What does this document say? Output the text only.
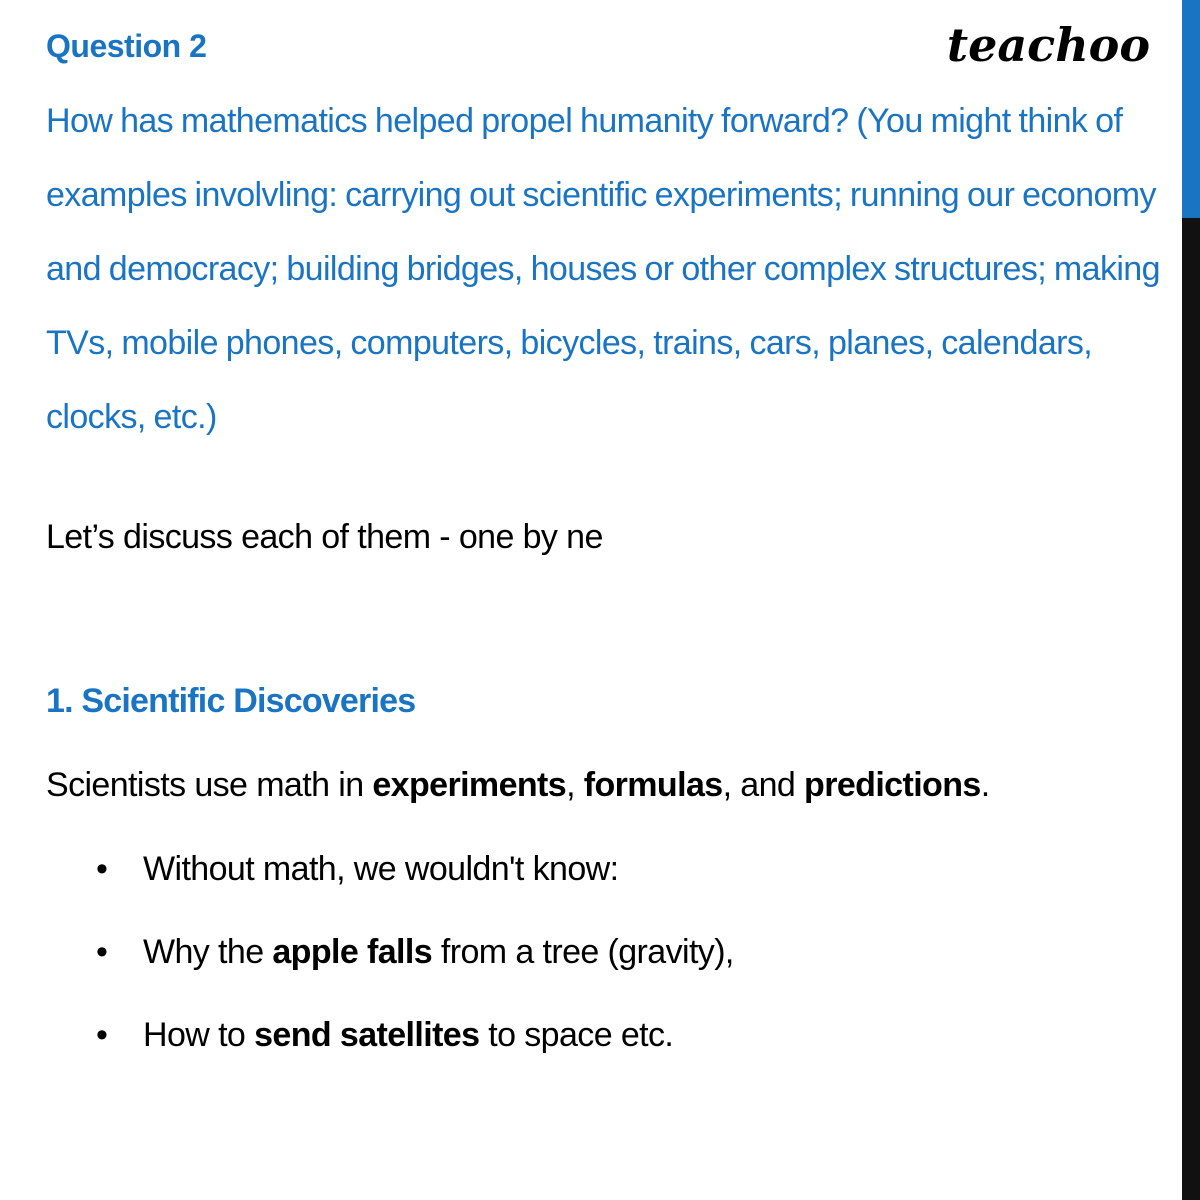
Question 2	teachoo
How has mathematics helped propel humanity forward? (You might think of examples involvling: carrying out scientific experiments; running our economy and democracy; building bridges, houses or other complex structures; making TVs, mobile phones, computers, bicycles, trains, cars, planes, calendars, clocks, etc.)
Let’s discuss each of them - one by ne
1. Scientific Discoveries
Scientists use math in experiments, formulas, and predictions.
• Without math, we wouldn't know:
• Why the apple falls from a tree (gravity),
• How to send satellites to space etc.
